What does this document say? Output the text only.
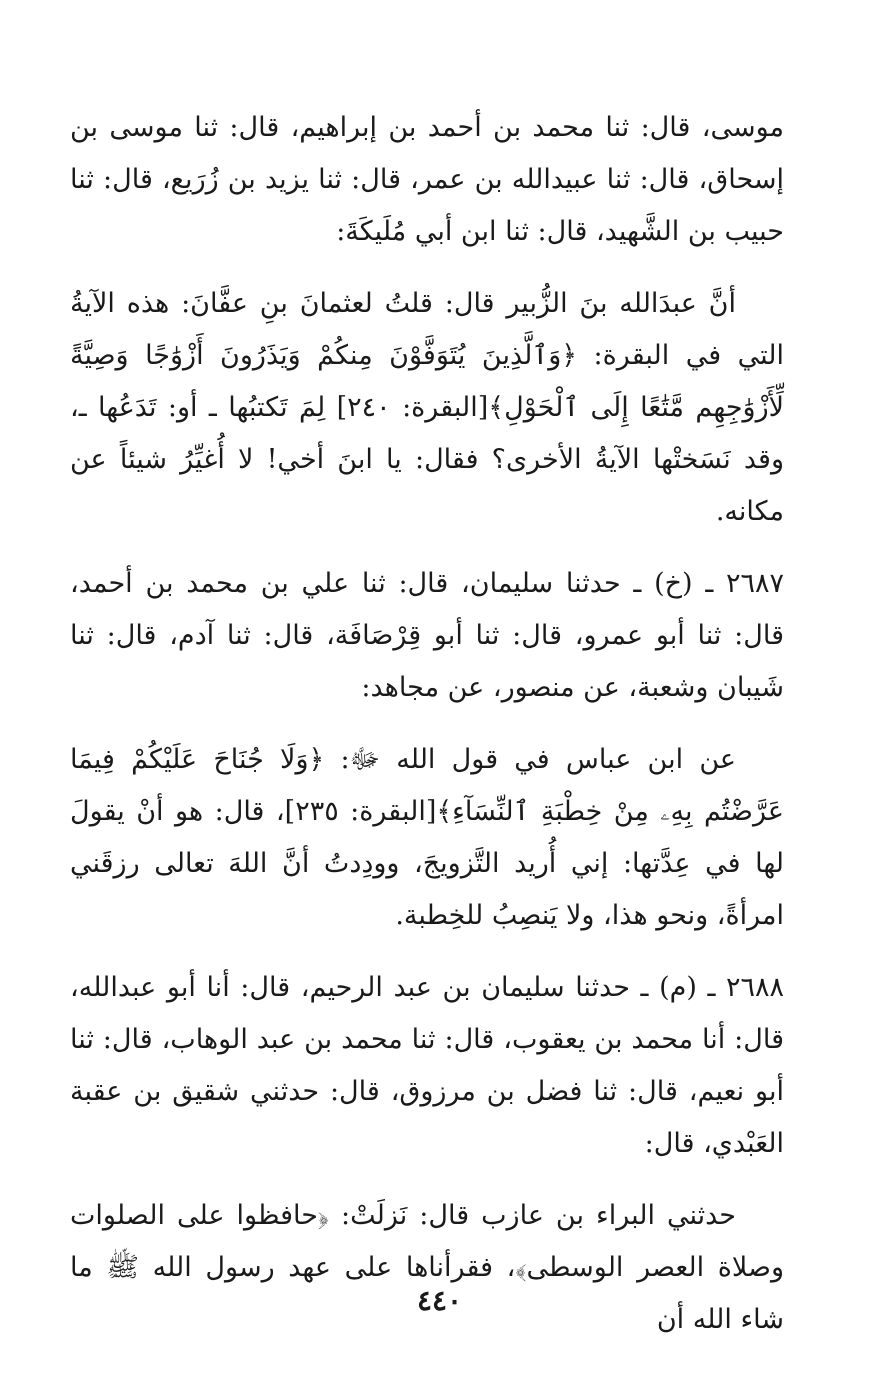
موسى، قال: ثنا محمد بن أحمد بن إبراهيم، قال: ثنا موسى بن إسحاق، قال: ثنا عبيدالله بن عمر، قال: ثنا يزيد بن زُرَيع، قال: ثنا حبيب بن الشَّهيد، قال: ثنا ابن أبي مُلَيكَةَ:

أنَّ عبدَالله بنَ الزُّبير قال: قلتُ لعثمانَ بنِ عفَّانَ: هذه الآيةُ التي في البقرة: ﴿وَٱلَّذِينَ يُتَوَفَّوْنَ مِنكُمْ وَيَذَرُونَ أَزْوَٰجًا وَصِيَّةً لِّأَزْوَٰجِهِم مَّتَٰعًا إِلَى ٱلْحَوْلِ﴾[البقرة: ٢٤٠] لِمَ تَكتبُها ـ أو: تَدَعُها ـ، وقد نَسَختْها الآيةُ الأخرى؟ فقال: يا ابنَ أخي! لا أُغيِّرُ شيئاً عن مكانه.

٢٦٨٧ ـ (خ) ـ حدثنا سليمان، قال: ثنا علي بن محمد بن أحمد، قال: ثنا أبو عمرو، قال: ثنا أبو قِرْصَافَة، قال: ثنا آدم، قال: ثنا شَيبان وشعبة، عن منصور، عن مجاهد:

عن ابن عباس في قول الله ﷻ: ﴿وَلَا جُنَاحَ عَلَيْكُمْ فِيمَا عَرَّضْتُم بِهِۦ مِنْ خِطْبَةِ ٱلنِّسَآءِ﴾[البقرة: ٢٣٥]، قال: هو أنْ يقولَ لها في عِدَّتها: إني أُريد التَّزويجَ، وودِدتُ أنَّ اللهَ تعالى رزقَني امرأةً، ونحو هذا، ولا يَنصِبُ للخِطبة.

٢٦٨٨ ـ (م) ـ حدثنا سليمان بن عبد الرحيم، قال: أنا أبو عبدالله، قال: أنا محمد بن يعقوب، قال: ثنا محمد بن عبد الوهاب، قال: ثنا أبو نعيم، قال: ثنا فضل بن مرزوق، قال: حدثني شقيق بن عقبة العَبْدي، قال:

حدثني البراء بن عازب قال: نَزلَتْ: ﴿حافظوا على الصلوات وصلاة العصر الوسطى﴾، فقرأناها على عهد رسول الله ﷺ ما شاء الله أن

٤٤٠
